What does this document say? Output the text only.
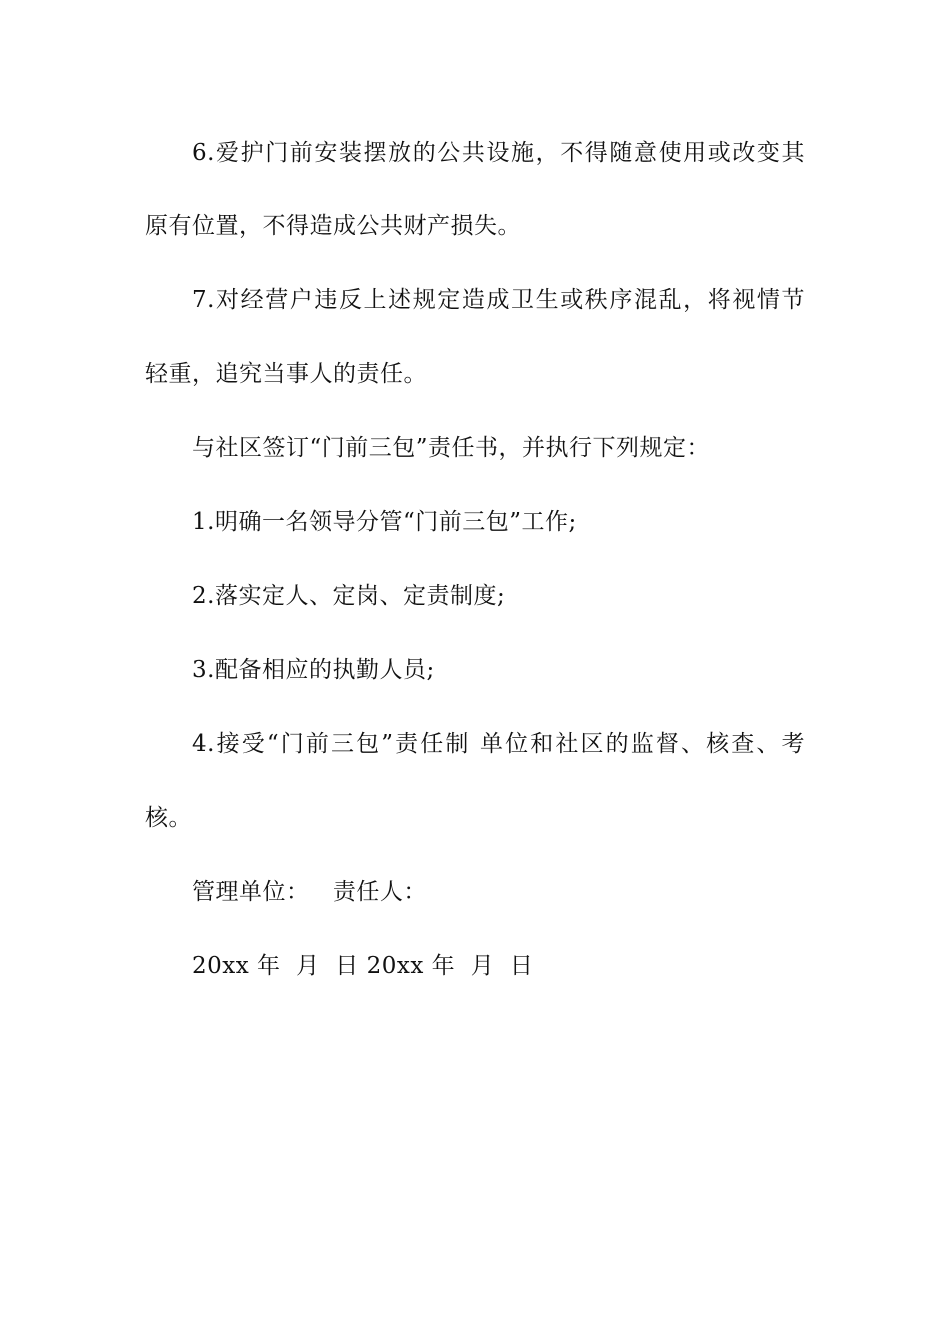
6.爱护门前安装摆放的公共设施，不得随意使用或改变其
原有位置，不得造成公共财产损失。
7.对经营户违反上述规定造成卫生或秩序混乱，将视情节
轻重，追究当事人的责任。
与社区签订“门前三包”责任书，并执行下列规定：
1.明确一名领导分管“门前三包”工作;
2.落实定人、定岗、定责制度;
3.配备相应的执勤人员;
4.接受“门前三包”责任制 单位和社区的监督、核查、考
核。
管理单位：   责任人：
20xx 年  月  日 20xx 年  月  日
